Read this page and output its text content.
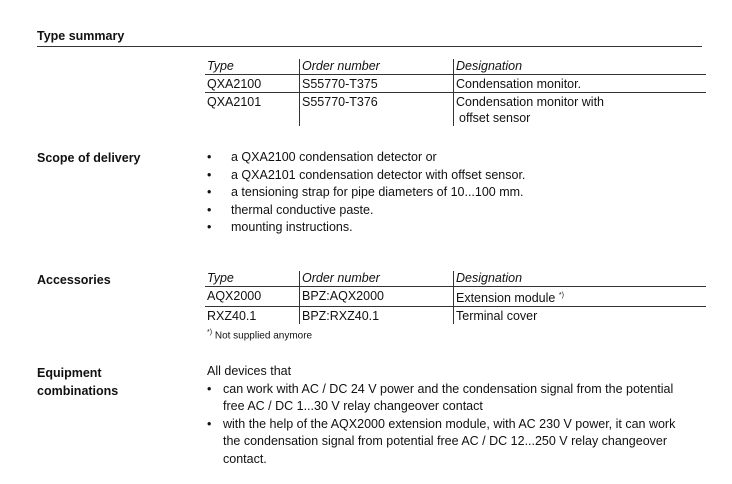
Type summary
Type	Order number	Designation
QXA2100	S55770-T375	Condensation monitor.
QXA2101	S55770-T376	Condensation monitor with
offset sensor
Scope of delivery	• a QXA2100 condensation detector or
• a QXA2101 condensation detector with offset sensor.
• a tensioning strap for pipe diameters of 10...100 mm.
• thermal conductive paste.
• mounting instructions.
Accessories	Type	Order number	Designation
AQX2000	BPZ:AQX2000	Extension module *)
RXZ40.1	BPZ:RXZ40.1	Terminal cover
*) Not supplied anymore
Equipment
combinations
All devices that
• can work with AC / DC 24 V power and the condensation signal from the potential
free AC / DC 1...30 V relay changeover contact
• with the help of the AQX2000 extension module, with AC 230 V power, it can work
the condensation signal from potential free AC / DC 12...250 V relay changeover
contact.
